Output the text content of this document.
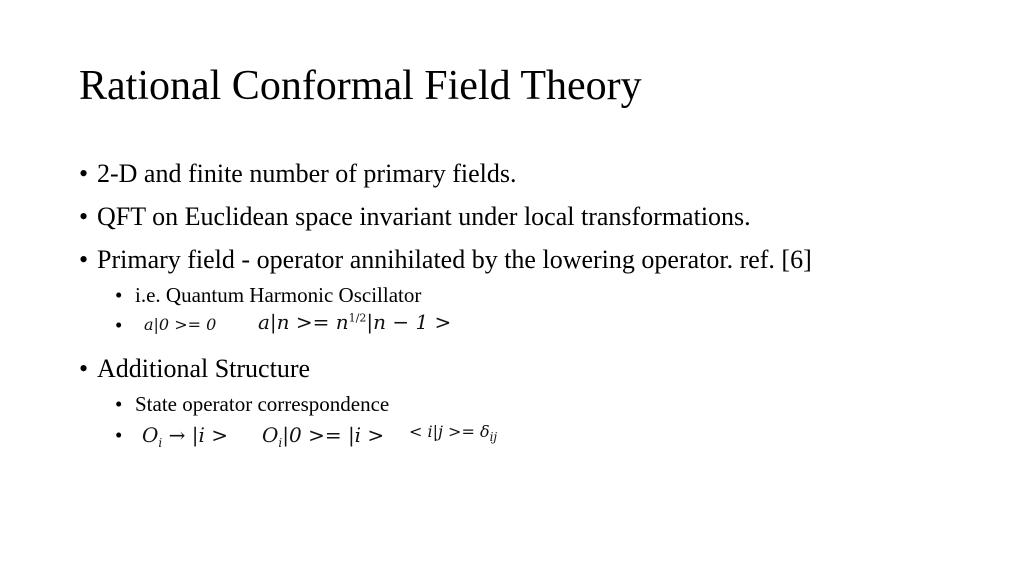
Rational Conformal Field Theory
• 2-D and finite number of primary fields.
• QFT on Euclidean space invariant under local transformations.
• Primary field - operator annihilated by the lowering operator. ref. [6]
• i.e. Quantum Harmonic Oscillator
•	a|0 >= 0 $a|n >= n^{1/2}|n - 1$ >
• Additional Structure
• State operator correspondence
• $O_i \to |i > O_i|0 >= |i$ > < $i|j >= \delta_{ij}$
